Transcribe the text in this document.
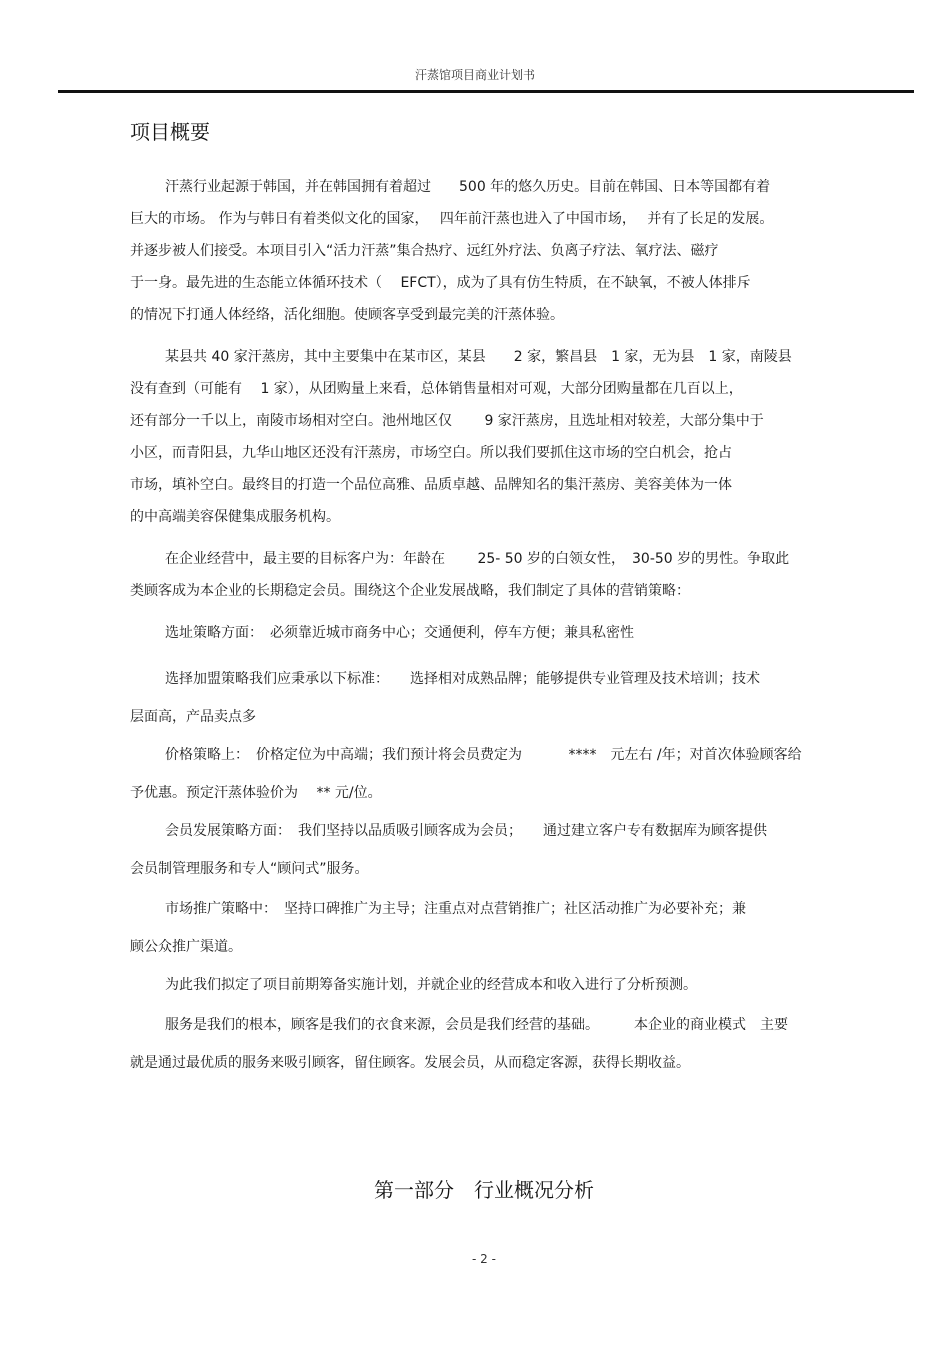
汗蒸馆项目商业计划书
项目概要
汗蒸行业起源于韩国，并在韩国拥有着超过　　500 年的悠久历史。目前在韩国、日本等国都有着
巨大的市场。 作为与韩日有着类似文化的国家，　 四年前汗蒸也进入了中国市场，　 并有了长足的发展。
并逐步被人们接受。本项目引入“活力汗蒸”集合热疗、远红外疗法、负离子疗法、氧疗法、磁疗
于一身。最先进的生态能立体循环技术（　 EFCT），成为了具有仿生特质，在不缺氧，不被人体排斥
的情况下打通人体经络，活化细胞。使顾客享受到最完美的汗蒸体验。
某县共 40 家汗蒸房，其中主要集中在某市区，某县　　2 家，繁昌县　1 家，无为县　1 家，南陵县
没有查到（可能有　 1 家），从团购量上来看，总体销售量相对可观，大部分团购量都在几百以上，
还有部分一千以上，南陵市场相对空白。池州地区仅　　 9 家汗蒸房，且选址相对较差，大部分集中于
小区，而青阳县，九华山地区还没有汗蒸房，市场空白。所以我们要抓住这市场的空白机会，抢占
市场，填补空白。最终目的打造一个品位高雅、品质卓越、品牌知名的集汗蒸房、美容美体为一体
的中高端美容保健集成服务机构。
在企业经营中，最主要的目标客户为：年龄在　　 25- 50 岁的白领女性，　30-50 岁的男性。争取此
类顾客成为本企业的长期稳定会员。围绕这个企业发展战略，我们制定了具体的营销策略：
选址策略方面：　必须靠近城市商务中心；交通便利，停车方便；兼具私密性
选择加盟策略我们应秉承以下标准：　　选择相对成熟品牌；能够提供专业管理及技术培训；技术
层面高，产品卖点多
价格策略上：　价格定位为中高端；我们预计将会员费定为　　　 ****　元左右 /年；对首次体验顾客给
予优惠。预定汗蒸体验价为　 ** 元/位。
会员发展策略方面：　我们坚持以品质吸引顾客成为会员；　　通过建立客户专有数据库为顾客提供
会员制管理服务和专人“顾问式”服务。
市场推广策略中：　坚持口碑推广为主导；注重点对点营销推广；社区活动推广为必要补充；兼
顾公众推广渠道。
为此我们拟定了项目前期筹备实施计划，并就企业的经营成本和收入进行了分析预测。
服务是我们的根本，顾客是我们的衣食来源，会员是我们经营的基础。　　　本企业的商业模式　主要
就是通过最优质的服务来吸引顾客，留住顾客。发展会员，从而稳定客源，获得长期收益。
第一部分　行业概况分析
- 2 -
